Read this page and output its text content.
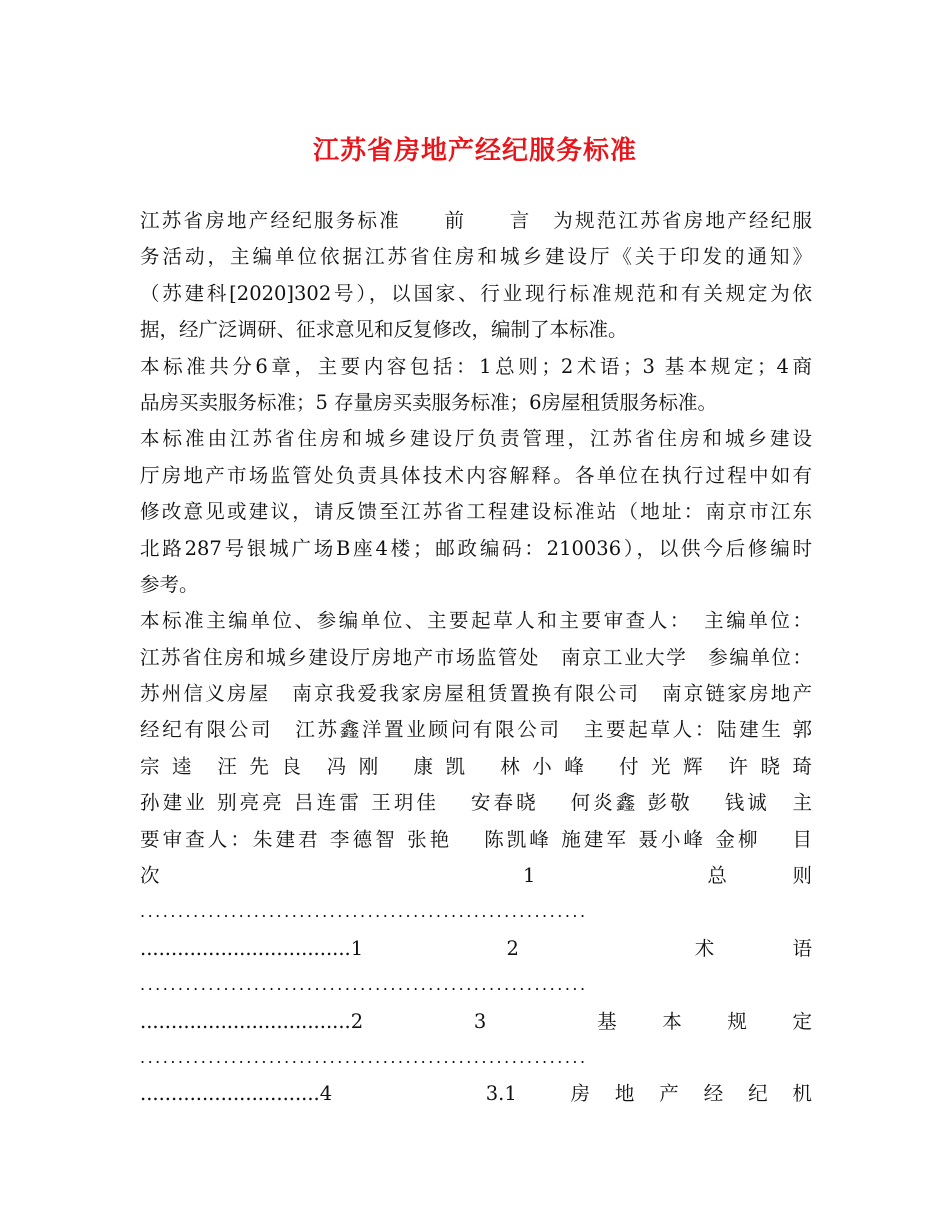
江苏省房地产经纪服务标准
江苏省房地产经纪服务标准　　前　　言　为规范江苏省房地产经纪服
务活动，主编单位依据江苏省住房和城乡建设厅《关于印发的通知》
（苏建科[2020]302号），以国家、行业现行标准规范和有关规定为依
据，经广泛调研、征求意见和反复修改，编制了本标准。
本标准共分6章，主要内容包括：1总则；2术语；3 基本规定；4商
品房买卖服务标准；5 存量房买卖服务标准；6房屋租赁服务标准。
本标准由江苏省住房和城乡建设厅负责管理，江苏省住房和城乡建设
厅房地产市场监管处负责具体技术内容解释。各单位在执行过程中如有
修改意见或建议，请反馈至江苏省工程建设标准站（地址：南京市江东
北路287号银城广场B座4楼；邮政编码：210036），以供今后修编时
参考。
本标准主编单位、参编单位、主要起草人和主要审查人：　主编单位：
江苏省住房和城乡建设厅房地产市场监管处　南京工业大学　参编单位：
苏州信义房屋　南京我爱我家房屋租赁置换有限公司　南京链家房地产
经纪有限公司　江苏鑫洋置业顾问有限公司　主要起草人：陆建生 郭
宗 逵　汪 先 良　冯 刚　 康 凯　 林 小 峰　 付 光 辉　许 晓 琦
孙建业 别亮亮 吕连雷 王玥佳　 安春晓　 何炎鑫 彭敬　 钱诚　主
要审查人：朱建君 李德智 张艳　 陈凯峰 施建军 聂小峰 金柳　 目
次　　　　　　　　　　　　　　　　　1　　　　　　　　总　　　则
...........................................................
..................................1　　　　2　　　　　术　　语
...........................................................
..................................2　　　3　　　基　本　规　定
...........................................................
.............................4　　　　　3.1　 房 地 产 经 纪 机
